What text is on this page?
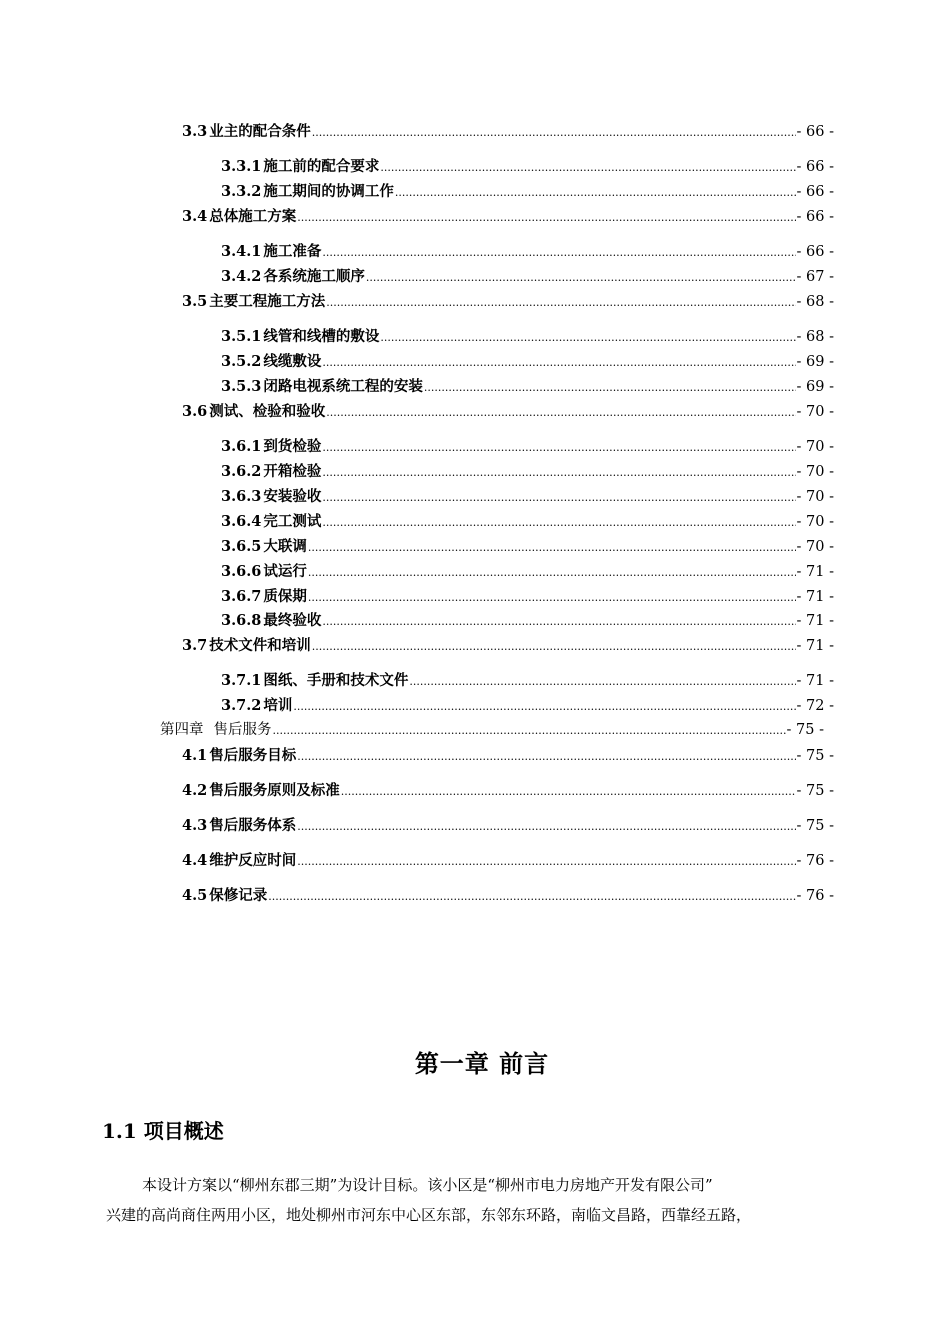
3.3 业主的配合条件 .....	- 66 -
3.3.1 施工前的配合要求 .....	- 66 -
3.3.2 施工期间的协调工作 .....	- 66 -
3.4 总体施工方案 .....	- 66 -
3.4.1 施工准备 .....	- 66 -
3.4.2 各系统施工顺序 .....	- 67 -
3.5 主要工程施工方法 .....	- 68 -
3.5.1 线管和线槽的敷设 .....	- 68 -
3.5.2 线缆敷设 .....	- 69 -
3.5.3 闭路电视系统工程的安装 .....	- 69 -
3.6 测试、检验和验收 .....	- 70 -
3.6.1 到货检验 .....	- 70 -
3.6.2 开箱检验 .....	- 70 -
3.6.3 安装验收 .....	- 70 -
3.6.4 完工测试 .....	- 70 -
3.6.5 大联调 .....	- 70 -
3.6.6 试运行 .....	- 71 -
3.6.7 质保期 .....	- 71 -
3.6.8 最终验收 .....	- 71 -
3.7 技术文件和培训 .....	- 71 -
3.7.1 图纸、手册和技术文件 .....	- 71 -
3.7.2 培训 .....	- 72 -
第四章 售后服务 .....	- 75 -
4.1 售后服务目标 .....	- 75 -
4.2 售后服务原则及标准 .....	- 75 -
4.3 售后服务体系 .....	- 75 -
4.4 维护反应时间 .....	- 76 -
4.5 保修记录 .....	- 76 -
第一章 前言
1.1 项目概述
本设计方案以“柳州东郡三期”为设计目标。该小区是“柳州市电力房地产开发有限公司”
兴建的高尚商住两用小区，地处柳州市河东中心区东部，东邻东环路，南临文昌路，西靠经五路，
